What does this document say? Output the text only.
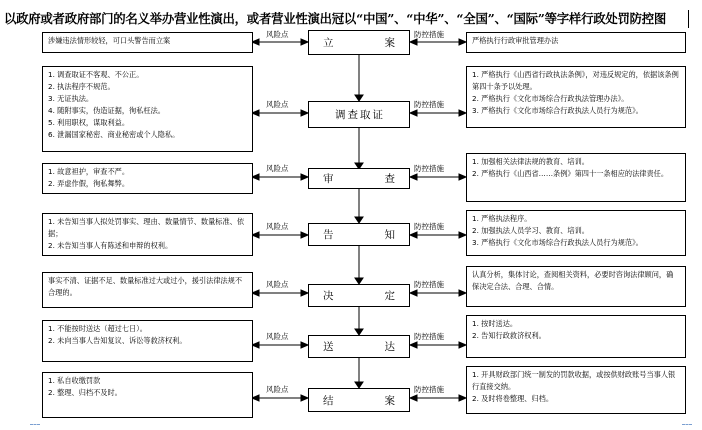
以政府或者政府部门的名义举办营业性演出，或者营业性演出冠以“中国”、“中华”、“全国”、“国际”等字样行政处罚防控图
涉嫌违法情形较轻，可口头警告而立案	立　　案	严格执行行政审批管理办法
风险点	防控措施
1. 调查取证不客观、不公正。
2. 执法程序不规范。
3. 无证执法。
4. 随附事实，伪造证据，徇私枉法。
5. 利用职权，谋取利益。
6. 泄漏国家秘密、商业秘密或个人隐私。
调查取证
1. 严格执行《山西省行政执法条例》，对违反规定的，依据该条例第四十条予以处理。
2. 严格执行《文化市场综合行政执法管理办法》。
3. 严格执行《文化市场综合行政执法人员行为规范》。
风险点	防控措施
1. 故意袒护，审查不严。
2. 弄虚作假，徇私舞弊。	审　　查
1. 加强相关法律法规的教育、培训。
2. 严格执行《山西省……条例》第四十一条相应的法律责任。
风险点	防控措施
1. 未告知当事人拟处罚事实、理由、数量情节、数量标准、依据；
2. 未告知当事人有陈述和申辩的权利。
告　　知
1. 严格执法程序。
2. 加强执法人员学习、教育、培训。
3. 严格执行《文化市场综合行政执法人员行为规范》。
风险点	防控措施
事实不清、证据不足、数量标准过大或过小，援引法律法规不合理的。	决　　定
认真分析，集体讨论，查阅相关资料，必要时咨询法律顾问，确保决定合法、合理、合情。
风险点	防控措施
1. 不能按时送达（超过七日）。
2. 未向当事人告知复议、诉讼等救济权利。
送　　达
1. 按时送达。
2. 告知行政救济权利。
风险点	防控措施
1. 私自收缴罚款
2. 整理、归档不及时。
结　　案
1. 开具财政部门统一制发的罚款收据，或按供财政账号当事人银行直接交纳。
2. 及时将卷整理、归档。
风险点	防控措施
